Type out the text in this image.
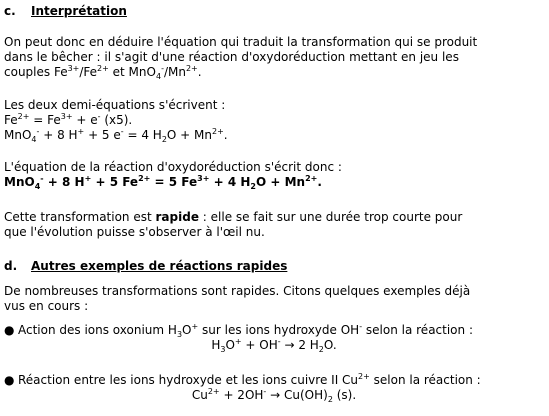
c. Interprétation
On peut donc en déduire l'équation qui traduit la transformation qui se produit
dans le bêcher : il s'agit d'une réaction d'oxydoréduction mettant en jeu les
couples $Fe^{3+}/Fe^{2+}$ et $MnO_4^-/Mn^{2+}$.
Les deux demi-équations s'écrivent :
$Fe^{2+} = Fe^{3+} + e^-$ (x5).
MnO$_4$- + 8 H+ + 5 e- = 4 $H_2O + Mn^{2+}$.
L'équation de la réaction d'oxydoréduction s'écrit donc :
MnO$_4$- + 8 H+ + 5 $Fe^{2+} = 5$ $Fe^{3+} + 4$ $H_2O + Mn^{2+}$.
Cette transformation est rapide : elle se fait sur une durée trop courte pour
que l'évolution puisse s'observer à l'œil nu.
d. Autres exemples de réactions rapides
De nombreuses transformations sont rapides. Citons quelques exemples déjà
vus en cours :
● Action des ions oxonium $H_3O^+$ sur les ions hydroxyde OH- selon la réaction :
$H_3O^+ + OH^- \to 2$ $H_2O$.
● Réaction entre les ions hydroxyde et les ions cuivre II $Cu^{2+}$ selon la réaction :
$Cu^{2+} + 2OH^- \to Cu(OH)_2$ (s).
